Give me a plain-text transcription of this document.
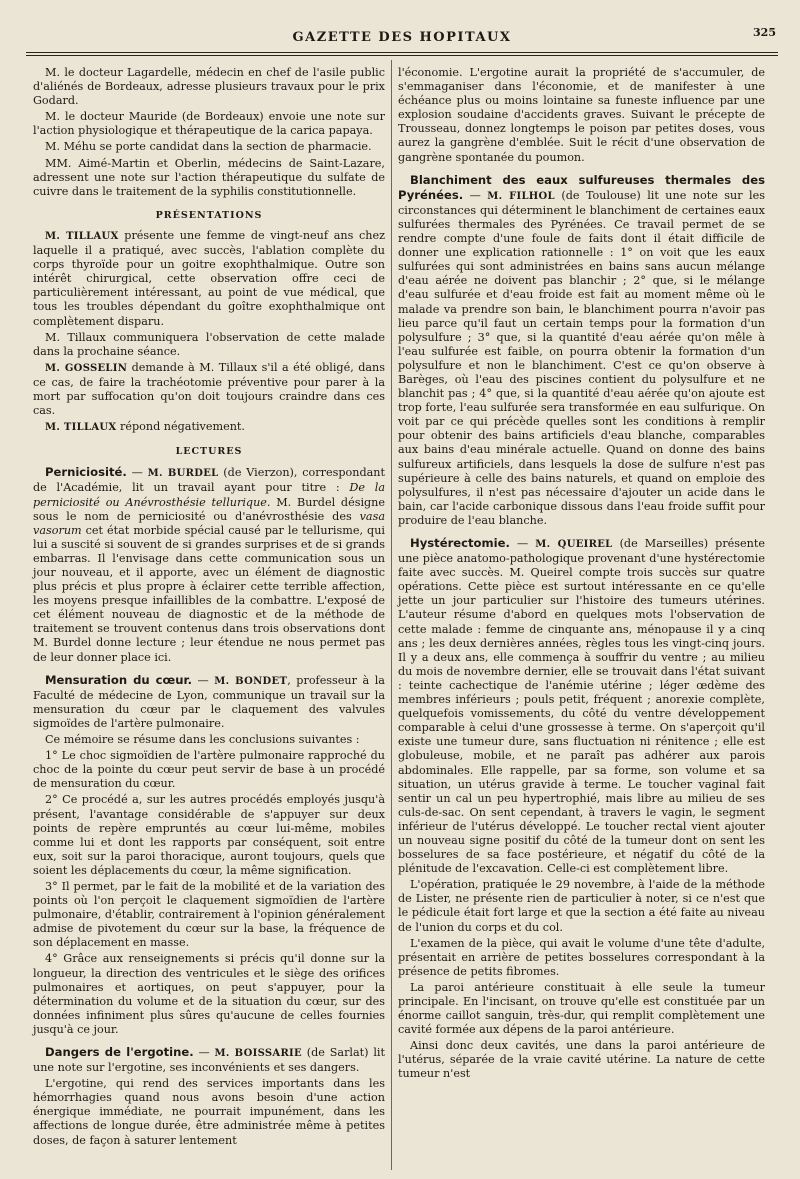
GAZETTE DES HOPITAUX	325

M. le docteur Lagardelle, médecin en chef de l'asile public d'aliénés de Bordeaux, adresse plusieurs travaux pour le prix Godard.

M. le docteur Mauride (de Bordeaux) envoie une note sur l'action physiologique et thérapeutique de la carica papaya.

M. Méhu se porte candidat dans la section de pharmacie.

MM. Aimé-Martin et Oberlin, médecins de Saint-Lazare, adressent une note sur l'action thérapeutique du sulfate de cuivre dans le traitement de la syphilis constitutionnelle.

PRÉSENTATIONS

M. TILLAUX présente une femme de vingt-neuf ans chez laquelle il a pratiqué, avec succès, l'ablation complète du corps thyroïde pour un goitre exophthalmique. Outre son intérêt chirurgical, cette observation offre ceci de particulièrement intéressant, au point de vue médical, que tous les troubles dépendant du goître exophthalmique ont complètement disparu.

M. Tillaux communiquera l'observation de cette malade dans la prochaine séance.

M. GOSSELIN demande à M. Tillaux s'il a été obligé, dans ce cas, de faire la trachéotomie préventive pour parer à la mort par suffocation qu'on doit toujours craindre dans ces cas.

M. TILLAUX répond négativement.

LECTURES

Perniciosité. — M. BURDEL (de Vierzon), correspondant de l'Académie, lit un travail ayant pour titre : De la perniciosité ou Anévrosthésie tellurique. M. Burdel désigne sous le nom de perniciosité ou d'anévrosthésie des vasa vasorum cet état morbide spécial causé par le tellurisme, qui lui a suscité si souvent de si grandes surprises et de si grands embarras. Il l'envisage dans cette communication sous un jour nouveau, et il apporte, avec un élément de diagnostic plus précis et plus propre à éclairer cette terrible affection, les moyens presque infaillibles de la combattre. L'exposé de cet élément nouveau de diagnostic et de la méthode de traitement se trouvent contenus dans trois observations dont M. Burdel donne lecture ; leur étendue ne nous permet pas de leur donner place ici.

Mensuration du cœur. — M. BONDET, professeur à la Faculté de médecine de Lyon, communique un travail sur la mensuration du cœur par le claquement des valvules sigmoïdes de l'artère pulmonaire.

Ce mémoire se résume dans les conclusions suivantes :

1° Le choc sigmoïdien de l'artère pulmonaire rapproché du choc de la pointe du cœur peut servir de base à un procédé de mensuration du cœur.

2° Ce procédé a, sur les autres procédés employés jusqu'à présent, l'avantage considérable de s'appuyer sur deux points de repère empruntés au cœur lui-même, mobiles comme lui et dont les rapports par conséquent, soit entre eux, soit sur la paroi thoracique, auront toujours, quels que soient les déplacements du cœur, la même signification.

3° Il permet, par le fait de la mobilité et de la variation des points où l'on perçoit le claquement sigmoïdien de l'artère pulmonaire, d'établir, contrairement à l'opinion généralement admise de pivotement du cœur sur la base, la fréquence de son déplacement en masse.

4° Grâce aux renseignements si précis qu'il donne sur la longueur, la direction des ventricules et le siège des orifices pulmonaires et aortiques, on peut s'appuyer, pour la détermination du volume et de la situation du cœur, sur des données infiniment plus sûres qu'aucune de celles fournies jusqu'à ce jour.

Dangers de l'ergotine. — M. BOISSARIE (de Sarlat) lit une note sur l'ergotine, ses inconvénients et ses dangers.

L'ergotine, qui rend des services importants dans les hémorrhagies quand nous avons besoin d'une action énergique immédiate, ne pourrait impunément, dans les affections de longue durée, être administrée même à petites doses, de façon à saturer lentement

l'économie. L'ergotine aurait la propriété de s'accumuler, de s'emmaganiser dans l'économie, et de manifester à une échéance plus ou moins lointaine sa funeste influence par une explosion soudaine d'accidents graves. Suivant le précepte de Trousseau, donnez longtemps le poison par petites doses, vous aurez la gangrène d'emblée. Suit le récit d'une observation de gangrène spontanée du poumon.

Blanchiment des eaux sulfureuses thermales des Pyrénées. — M. FILHOL (de Toulouse) lit une note sur les circonstances qui déterminent le blanchiment de certaines eaux sulfurées thermales des Pyrénées. Ce travail permet de se rendre compte d'une foule de faits dont il était difficile de donner une explication rationnelle : 1° on voit que les eaux sulfurées qui sont administrées en bains sans aucun mélange d'eau aérée ne doivent pas blanchir ; 2° que, si le mélange d'eau sulfurée et d'eau froide est fait au moment même où le malade va prendre son bain, le blanchiment pourra n'avoir pas lieu parce qu'il faut un certain temps pour la formation d'un polysulfure ; 3° que, si la quantité d'eau aérée qu'on mêle à l'eau sulfurée est faible, on pourra obtenir la formation d'un polysulfure et non le blanchiment. C'est ce qu'on observe à Barèges, où l'eau des piscines contient du polysulfure et ne blanchit pas ; 4° que, si la quantité d'eau aérée qu'on ajoute est trop forte, l'eau sulfurée sera transformée en eau sulfurique. On voit par ce qui précède quelles sont les conditions à remplir pour obtenir des bains artificiels d'eau blanche, comparables aux bains d'eau minérale actuelle. Quand on donne des bains sulfureux artificiels, dans lesquels la dose de sulfure n'est pas supérieure à celle des bains naturels, et quand on emploie des polysulfures, il n'est pas nécessaire d'ajouter un acide dans le bain, car l'acide carbonique dissous dans l'eau froide suffit pour produire de l'eau blanche.

Hystérectomie. — M. QUEIREL (de Marseilles) présente une pièce anatomo-pathologique provenant d'une hystérectomie faite avec succès. M. Queirel compte trois succès sur quatre opérations. Cette pièce est surtout intéressante en ce qu'elle jette un jour particulier sur l'histoire des tumeurs utérines. L'auteur résume d'abord en quelques mots l'observation de cette malade : femme de cinquante ans, ménopause il y a cinq ans ; les deux dernières années, règles tous les vingt-cinq jours. Il y a deux ans, elle commença à souffrir du ventre ; au milieu du mois de novembre dernier, elle se trouvait dans l'état suivant : teinte cachectique de l'anémie utérine ; léger œdème des membres inférieurs ; pouls petit, fréquent ; anorexie complète, quelquefois vomissements, du côté du ventre développement comparable à celui d'une grossesse à terme. On s'aperçoit qu'il existe une tumeur dure, sans fluctuation ni rénitence ; elle est globuleuse, mobile, et ne paraît pas adhérer aux parois abdominales. Elle rappelle, par sa forme, son volume et sa situation, un utérus gravide à terme. Le toucher vaginal fait sentir un cal un peu hypertrophié, mais libre au milieu de ses culs-de-sac. On sent cependant, à travers le vagin, le segment inférieur de l'utérus développé. Le toucher rectal vient ajouter un nouveau signe positif du côté de la tumeur dont on sent les bosselures de sa face postérieure, et négatif du côté de la plénitude de l'excavation. Celle-ci est complètement libre.

L'opération, pratiquée le 29 novembre, à l'aide de la méthode de Lister, ne présente rien de particulier à noter, si ce n'est que le pédicule était fort large et que la section a été faite au niveau de l'union du corps et du col.

L'examen de la pièce, qui avait le volume d'une tête d'adulte, présentait en arrière de petites bosselures correspondant à la présence de petits fibromes.

La paroi antérieure constituait à elle seule la tumeur principale. En l'incisant, on trouve qu'elle est constituée par un énorme caillot sanguin, très-dur, qui remplit complètement une cavité formée aux dépens de la paroi antérieure.

Ainsi donc deux cavités, une dans la paroi antérieure de l'utérus, séparée de la vraie cavité utérine. La nature de cette tumeur n'est
